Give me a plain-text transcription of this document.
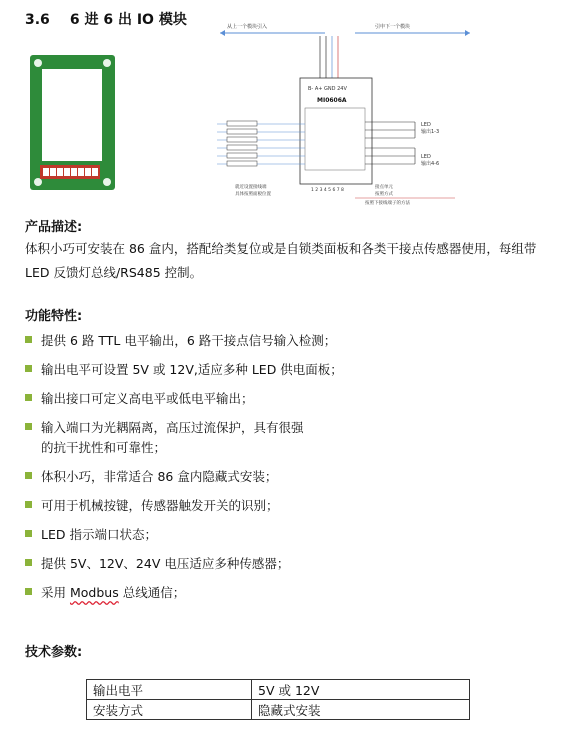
3.6 6 进 6 出 IO 模块	从上一个模块引入	引申下一个模块
B- A+ GND 24V
MI0606A
LED
输出1-3
LED
输出4-6
1 2 3 4 5 6 7 8
就近设置接线端
具体按照面板位置
接点单元
按照方式
按照下接线端子的方法
产品描述:
体积小巧可安装在 86 盒内，搭配给类复位或是自锁类面板和各类干接点传感器使用，每组带 LED 反馈灯总线/RS485 控制。
功能特性:
提供 6 路 TTL 电平输出，6 路干接点信号输入检测；
输出电平可设置 5V 或 12V,适应多种 LED 供电面板；
输出接口可定义高电平或低电平输出；
输入端口为光耦隔离，高压过流保护，具有很强
的抗干扰性和可靠性；
体积小巧，非常适合 86 盒内隐藏式安装；
可用于机械按键，传感器触发开关的识别；
LED 指示端口状态；
提供 5V、12V、24V 电压适应多种传感器；
采用 Modbus 总线通信；
技术参数:
输出电平	5V 或 12V
安装方式	隐藏式安装
